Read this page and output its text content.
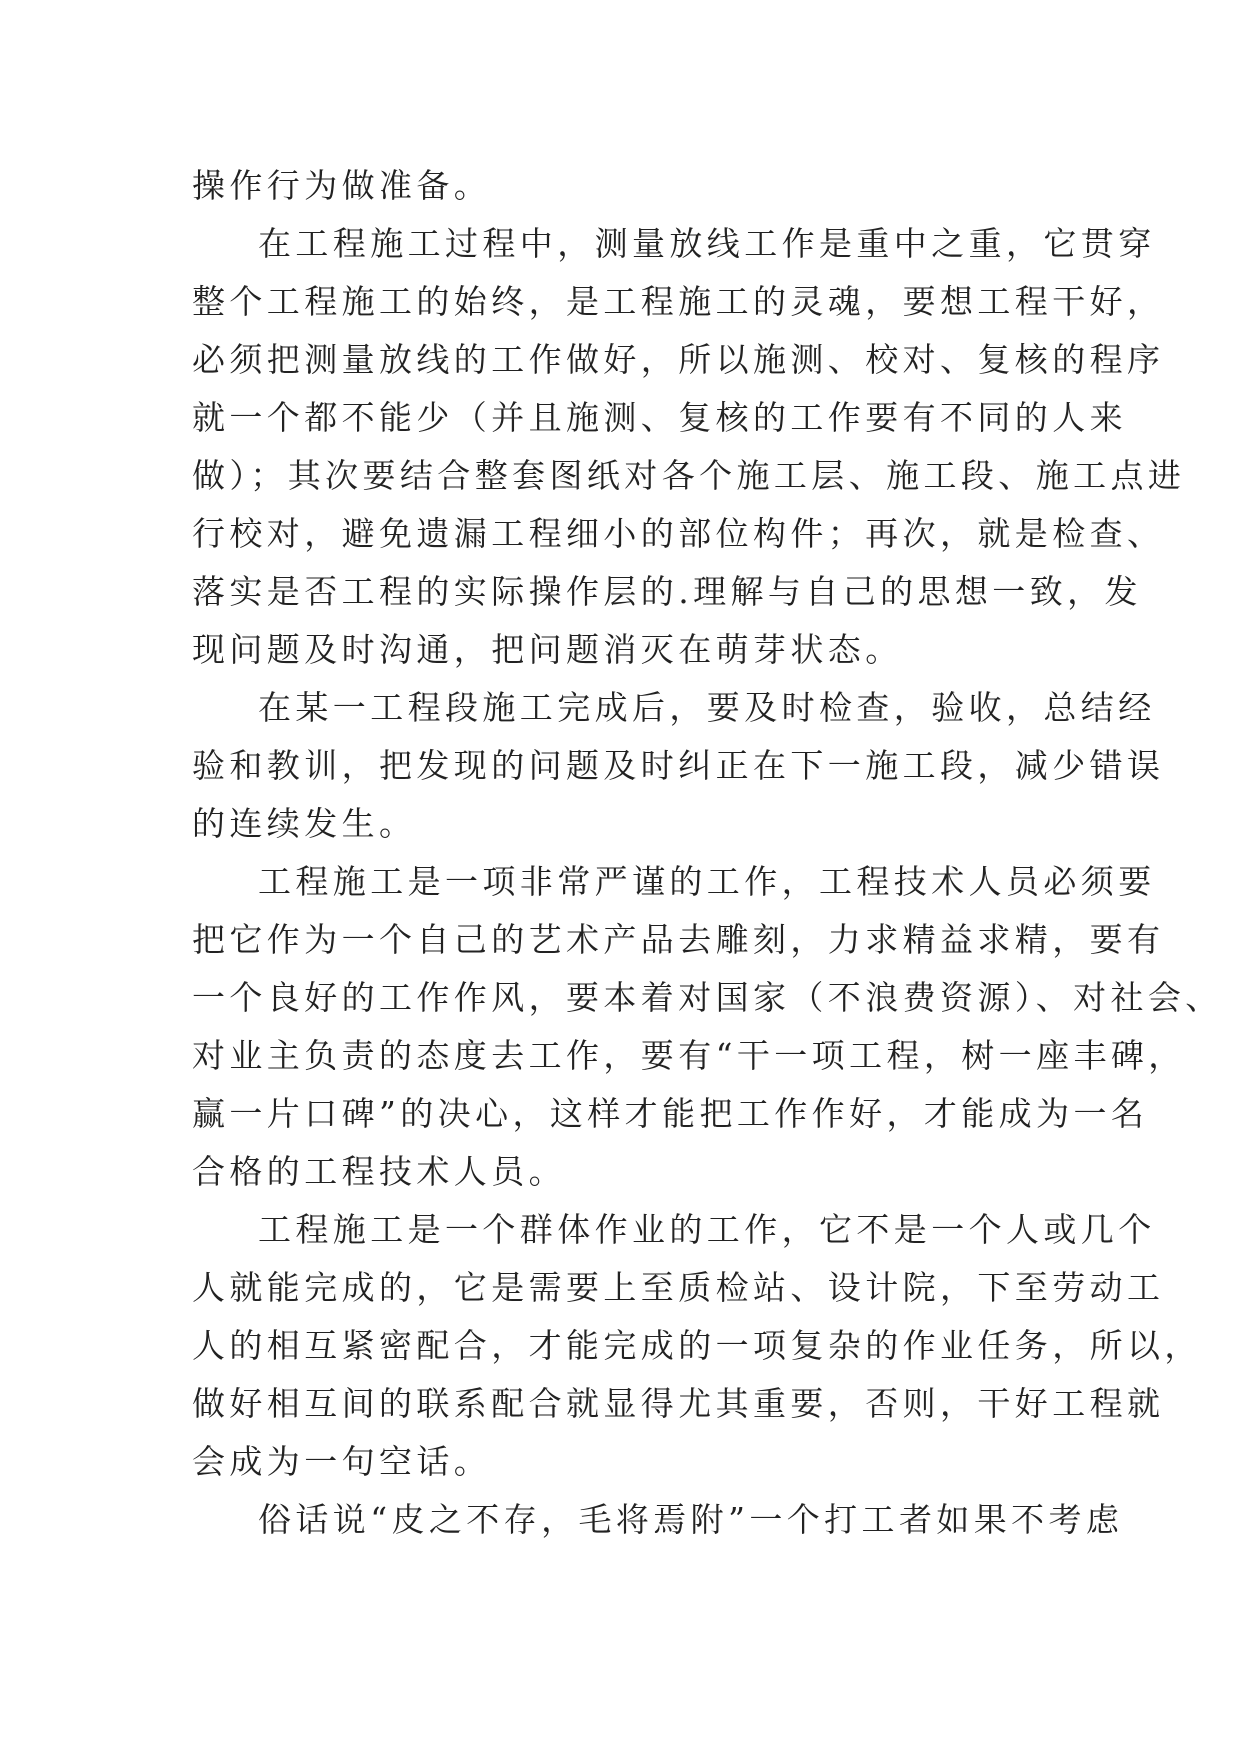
操作行为做准备。
在工程施工过程中，测量放线工作是重中之重，它贯穿
整个工程施工的始终，是工程施工的灵魂，要想工程干好，
必须把测量放线的工作做好，所以施测、校对、复核的程序
就一个都不能少（并且施测、复核的工作要有不同的人来
做）；其次要结合整套图纸对各个施工层、施工段、施工点进
行校对，避免遗漏工程细小的部位构件；再次，就是检查、
落实是否工程的实际操作层的.理解与自己的思想一致，发
现问题及时沟通，把问题消灭在萌芽状态。
在某一工程段施工完成后，要及时检查，验收，总结经
验和教训，把发现的问题及时纠正在下一施工段，减少错误
的连续发生。
工程施工是一项非常严谨的工作，工程技术人员必须要
把它作为一个自己的艺术产品去雕刻，力求精益求精，要有
一个良好的工作作风，要本着对国家（不浪费资源）、对社会、
对业主负责的态度去工作，要有“干一项工程，树一座丰碑，
赢一片口碑”的决心，这样才能把工作作好，才能成为一名
合格的工程技术人员。
工程施工是一个群体作业的工作，它不是一个人或几个
人就能完成的，它是需要上至质检站、设计院，下至劳动工
人的相互紧密配合，才能完成的一项复杂的作业任务，所以，
做好相互间的联系配合就显得尤其重要，否则，干好工程就
会成为一句空话。
俗话说“皮之不存，毛将焉附”一个打工者如果不考虑
